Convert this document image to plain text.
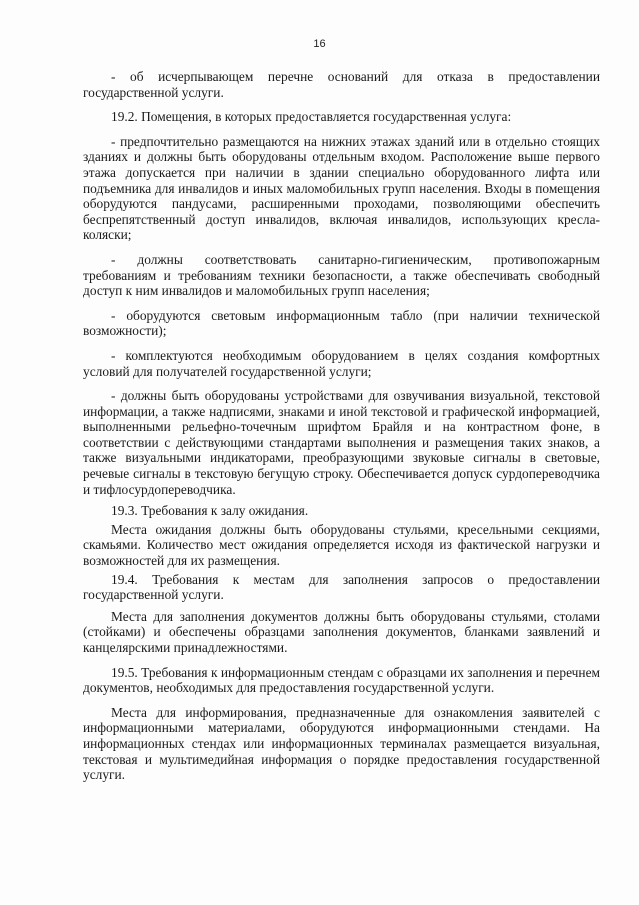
16

- об исчерпывающем перечне оснований для отказа в предоставлении государственной услуги.

19.2. Помещения, в которых предоставляется государственная услуга:

- предпочтительно размещаются на нижних этажах зданий или в отдельно стоящих зданиях и должны быть оборудованы отдельным входом. Расположение выше первого этажа допускается при наличии в здании специально оборудованного лифта или подъемника для инвалидов и иных маломобильных групп населения. Входы в помещения оборудуются пандусами, расширенными проходами, позволяющими обеспечить беспрепятственный доступ инвалидов, включая инвалидов, использующих кресла-коляски;

- должны соответствовать санитарно-гигиеническим, противопожарным требованиям и требованиям техники безопасности, а также обеспечивать свободный доступ к ним инвалидов и маломобильных групп населения;

- оборудуются световым информационным табло (при наличии технической возможности);

- комплектуются необходимым оборудованием в целях создания комфортных условий для получателей государственной услуги;

- должны быть оборудованы устройствами для озвучивания визуальной, текстовой информации, а также надписями, знаками и иной текстовой и графической информацией, выполненными рельефно-точечным шрифтом Брайля и на контрастном фоне, в соответствии с действующими стандартами выполнения и размещения таких знаков, а также визуальными индикаторами, преобразующими звуковые сигналы в световые, речевые сигналы в текстовую бегущую строку. Обеспечивается допуск сурдопереводчика и тифлосурдопереводчика.

19.3. Требования к залу ожидания.

Места ожидания должны быть оборудованы стульями, кресельными секциями, скамьями. Количество мест ожидания определяется исходя из фактической нагрузки и возможностей для их размещения.

19.4. Требования к местам для заполнения запросов о предоставлении государственной услуги.

Места для заполнения документов должны быть оборудованы стульями, столами (стойками) и обеспечены образцами заполнения документов, бланками заявлений и канцелярскими принадлежностями.

19.5. Требования к информационным стендам с образцами их заполнения и перечнем документов, необходимых для предоставления государственной услуги.

Места для информирования, предназначенные для ознакомления заявителей с информационными материалами, оборудуются информационными стендами. На информационных стендах или информационных терминалах размещается визуальная, текстовая и мультимедийная информация о порядке предоставления государственной услуги.
